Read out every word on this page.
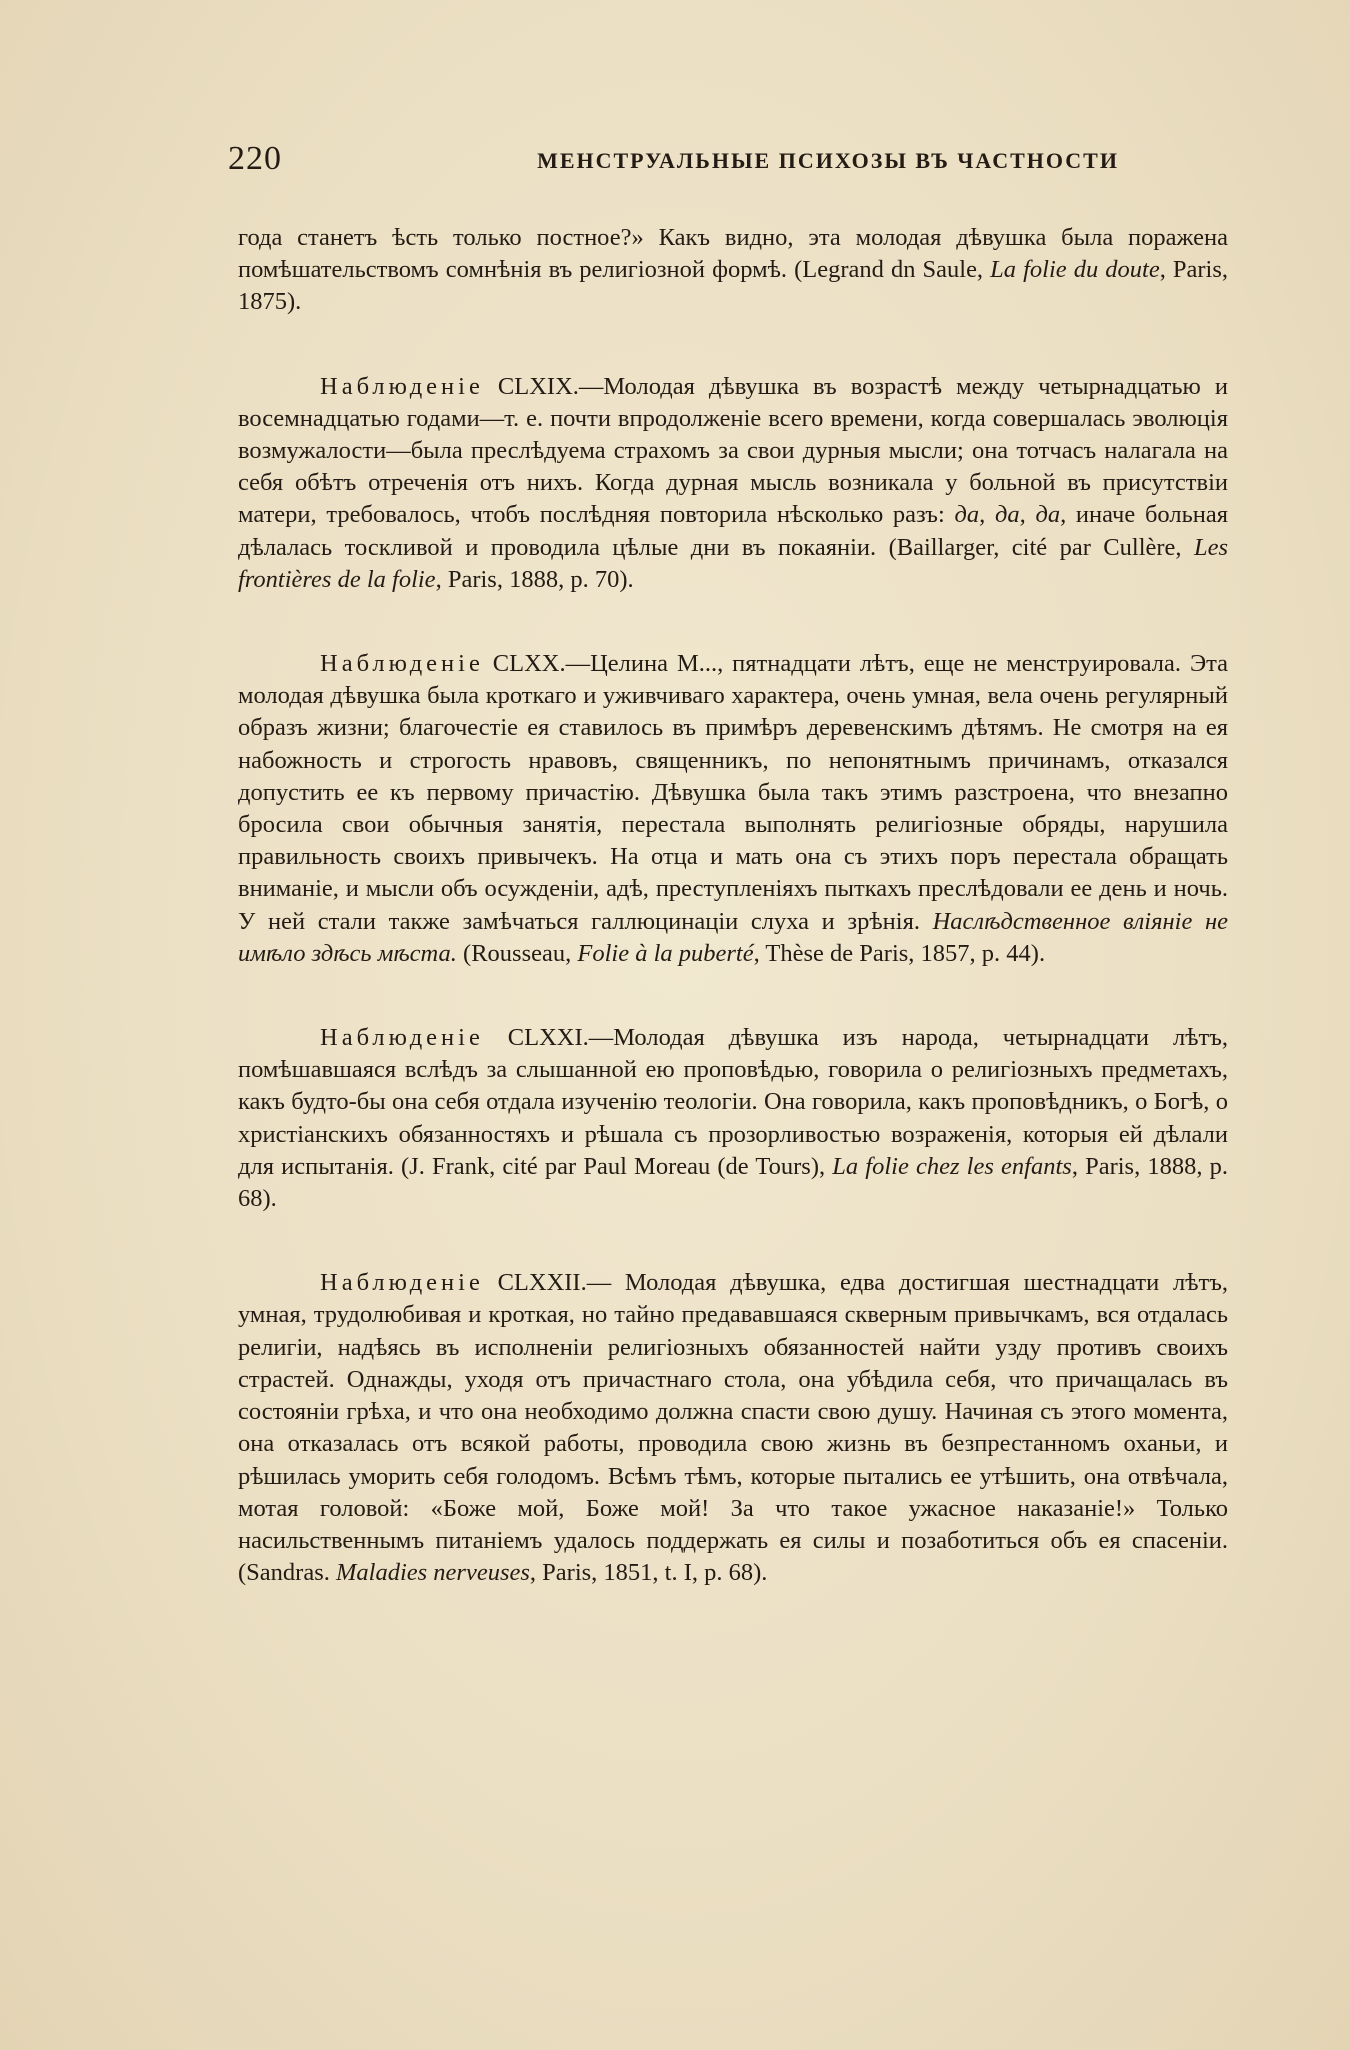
220	МЕНСТРУАЛЬНЫЕ ПСИХОЗЫ ВЪ ЧАСТНОСТИ

года станетъ ѣсть только постное?» Какъ видно, эта молодая дѣвушка была поражена помѣшательствомъ сомнѣнія въ религіозной формѣ. (Legrand dn Saule, La folie du doute, Paris, 1875).

Наблюденіе CLXIX.—Молодая дѣвушка въ возрастѣ между четырнадцатью и восемнадцатью годами—т. е. почти впродолженіе всего времени, когда совершалась эволюція возмужалости—была преслѣдуема страхомъ за свои дурныя мысли; она тотчасъ налагала на себя обѣтъ отреченія отъ нихъ. Когда дурная мысль возникала у больной въ присутствіи матери, требовалось, чтобъ послѣдняя повторила нѣсколько разъ: да, да, да, иначе больная дѣлалась тоскливой и проводила цѣлые дни въ покаяніи. (Baillarger, cité par Cullère, Les frontières de la folie, Paris, 1888, p. 70).

Наблюденіе CLXX.—Целина М..., пятнадцати лѣтъ, еще не менструировала. Эта молодая дѣвушка была кроткаго и уживчиваго характера, очень умная, вела очень регулярный образъ жизни; благочестіе ея ставилось въ примѣръ деревенскимъ дѣтямъ. Не смотря на ея набожность и строгость нравовъ, священникъ, по непонятнымъ причинамъ, отказался допустить ее къ первому причастію. Дѣвушка была такъ этимъ разстроена, что внезапно бросила свои обычныя занятія, перестала выполнять религіозные обряды, нарушила правильность своихъ привычекъ. На отца и мать она съ этихъ поръ перестала обращать вниманіе, и мысли объ осужденіи, адѣ, преступленіяхъ пыткахъ преслѣдовали ее день и ночь. У ней стали также замѣчаться галлюцинаціи слуха и зрѣнія. Наслѣдственное вліяніе не имѣло здѣсь мѣста. (Rousseau, Folie à la puberté, Thèse de Paris, 1857, p. 44).

Наблюденіе CLXXI.—Молодая дѣвушка изъ народа, четырнадцати лѣтъ, помѣшавшаяся вслѣдъ за слышанной ею проповѣдью, говорила о религіозныхъ предметахъ, какъ будто-бы она себя отдала изученію теологіи. Она говорила, какъ проповѣдникъ, о Богѣ, о христіанскихъ обязанностяхъ и рѣшала съ прозорливостью возраженія, которыя ей дѣлали для испытанія. (J. Frank, cité par Paul Moreau (de Tours), La folie chez les enfants, Paris, 1888, p. 68).

Наблюденіе CLXXII.— Молодая дѣвушка, едва достигшая шестнадцати лѣтъ, умная, трудолюбивая и кроткая, но тайно предававшаяся скверным привычкамъ, вся отдалась религіи, надѣясь въ исполненіи религіозныхъ обязанностей найти узду противъ своихъ страстей. Однажды, уходя отъ причастнаго стола, она убѣдила себя, что причащалась въ состояніи грѣха, и что она необходимо должна спасти свою душу. Начиная съ этого момента, она отказалась отъ всякой работы, проводила свою жизнь въ безпрестанномъ оханьи, и рѣшилась уморить себя голодомъ. Всѣмъ тѣмъ, которые пытались ее утѣшить, она отвѣчала, мотая головой: «Боже мой, Боже мой! За что такое ужасное наказаніе!» Только насильственнымъ питаніемъ удалось поддержать ея силы и позаботиться объ ея спасеніи. (Sandras. Maladies nerveuses, Paris, 1851, t. I, p. 68).
